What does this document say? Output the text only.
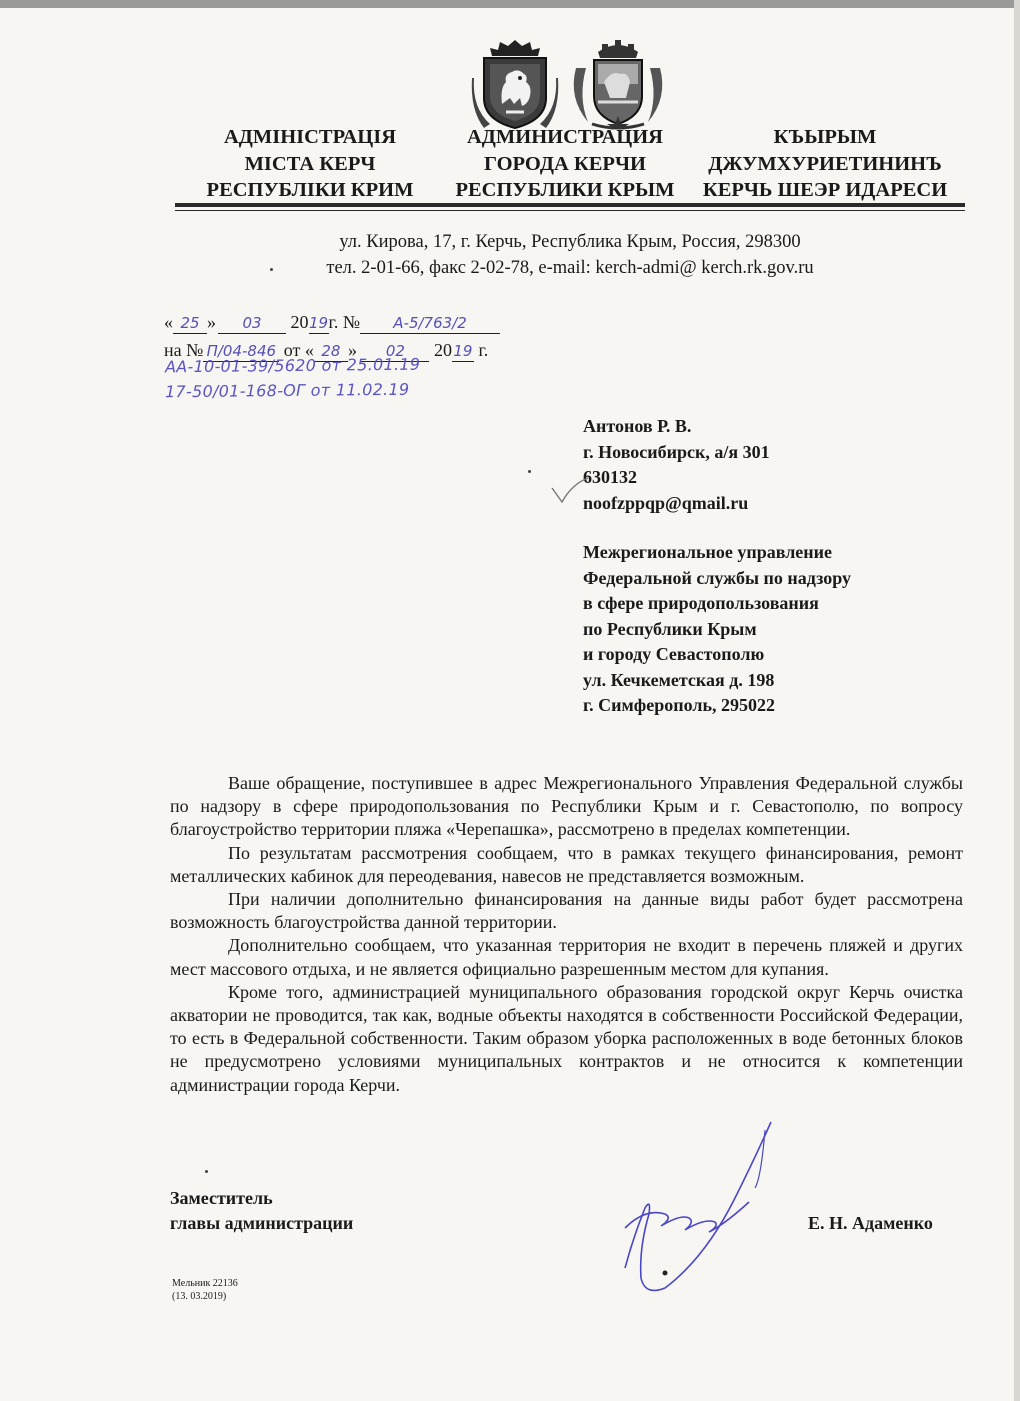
АДМІНІСТРАЦІЯ
МІСТА КЕРЧ
РЕСПУБЛІКИ КРИМ
АДМИНИСТРАЦИЯ
ГОРОДА КЕРЧИ
РЕСПУБЛИКИ КРЫМ
КЪЫРЫМ
ДЖУМХУРИЕТИНИНЪ
КЕРЧЬ ШЕЭР ИДАРЕСИ
ул. Кирова, 17, г. Керчь, Республика Крым, Россия, 298300
тел. 2-01-66, факс 2-02-78, e-mail: kerch-admi@ kerch.rk.gov.ru
« 25 » 03 2019г. № А-5/763/2
на № П/04-846 от « 28 » 02 2019 г.
АА-10-01-39/5620 от 25.01.19
17-50/01-168-ОГ от 11.02.19
Антонов Р. В.
г. Новосибирск, а/я 301
630132
noofzppqp@qmail.ru
Межрегиональное управление
Федеральной службы по надзору
в сфере природопользования
по Республики Крым
и городу Севастополю
ул. Кечкеметская д. 198
г. Симферополь, 295022

Ваше обращение, поступившее в адрес Межрегионального Управления Федеральной службы по надзору в сфере природопользования по Республики Крым и г. Севастополю, по вопросу благоустройство территории пляжа «Черепашка», рассмотрено в пределах компетенции.

По результатам рассмотрения сообщаем, что в рамках текущего финансирования, ремонт металлических кабинок для переодевания, навесов не представляется возможным.

При наличии дополнительно финансирования на данные виды работ будет рассмотрена возможность благоустройства данной территории.

Дополнительно сообщаем, что указанная территория не входит в перечень пляжей и других мест массового отдыха, и не является официально разрешенным местом для купания.

Кроме того, администрацией муниципального образования городской округ Керчь очистка акватории не проводится, так как, водные объекты находятся в собственности Российской Федерации, то есть в Федеральной собственности. Таким образом уборка расположенных в воде бетонных блоков не предусмотрено условиями муниципальных контрактов и не относится к компетенции администрации города Керчи.

Заместитель
главы администрации	Е. Н. Адаменко
Мельник 22136
(13. 03.2019)
